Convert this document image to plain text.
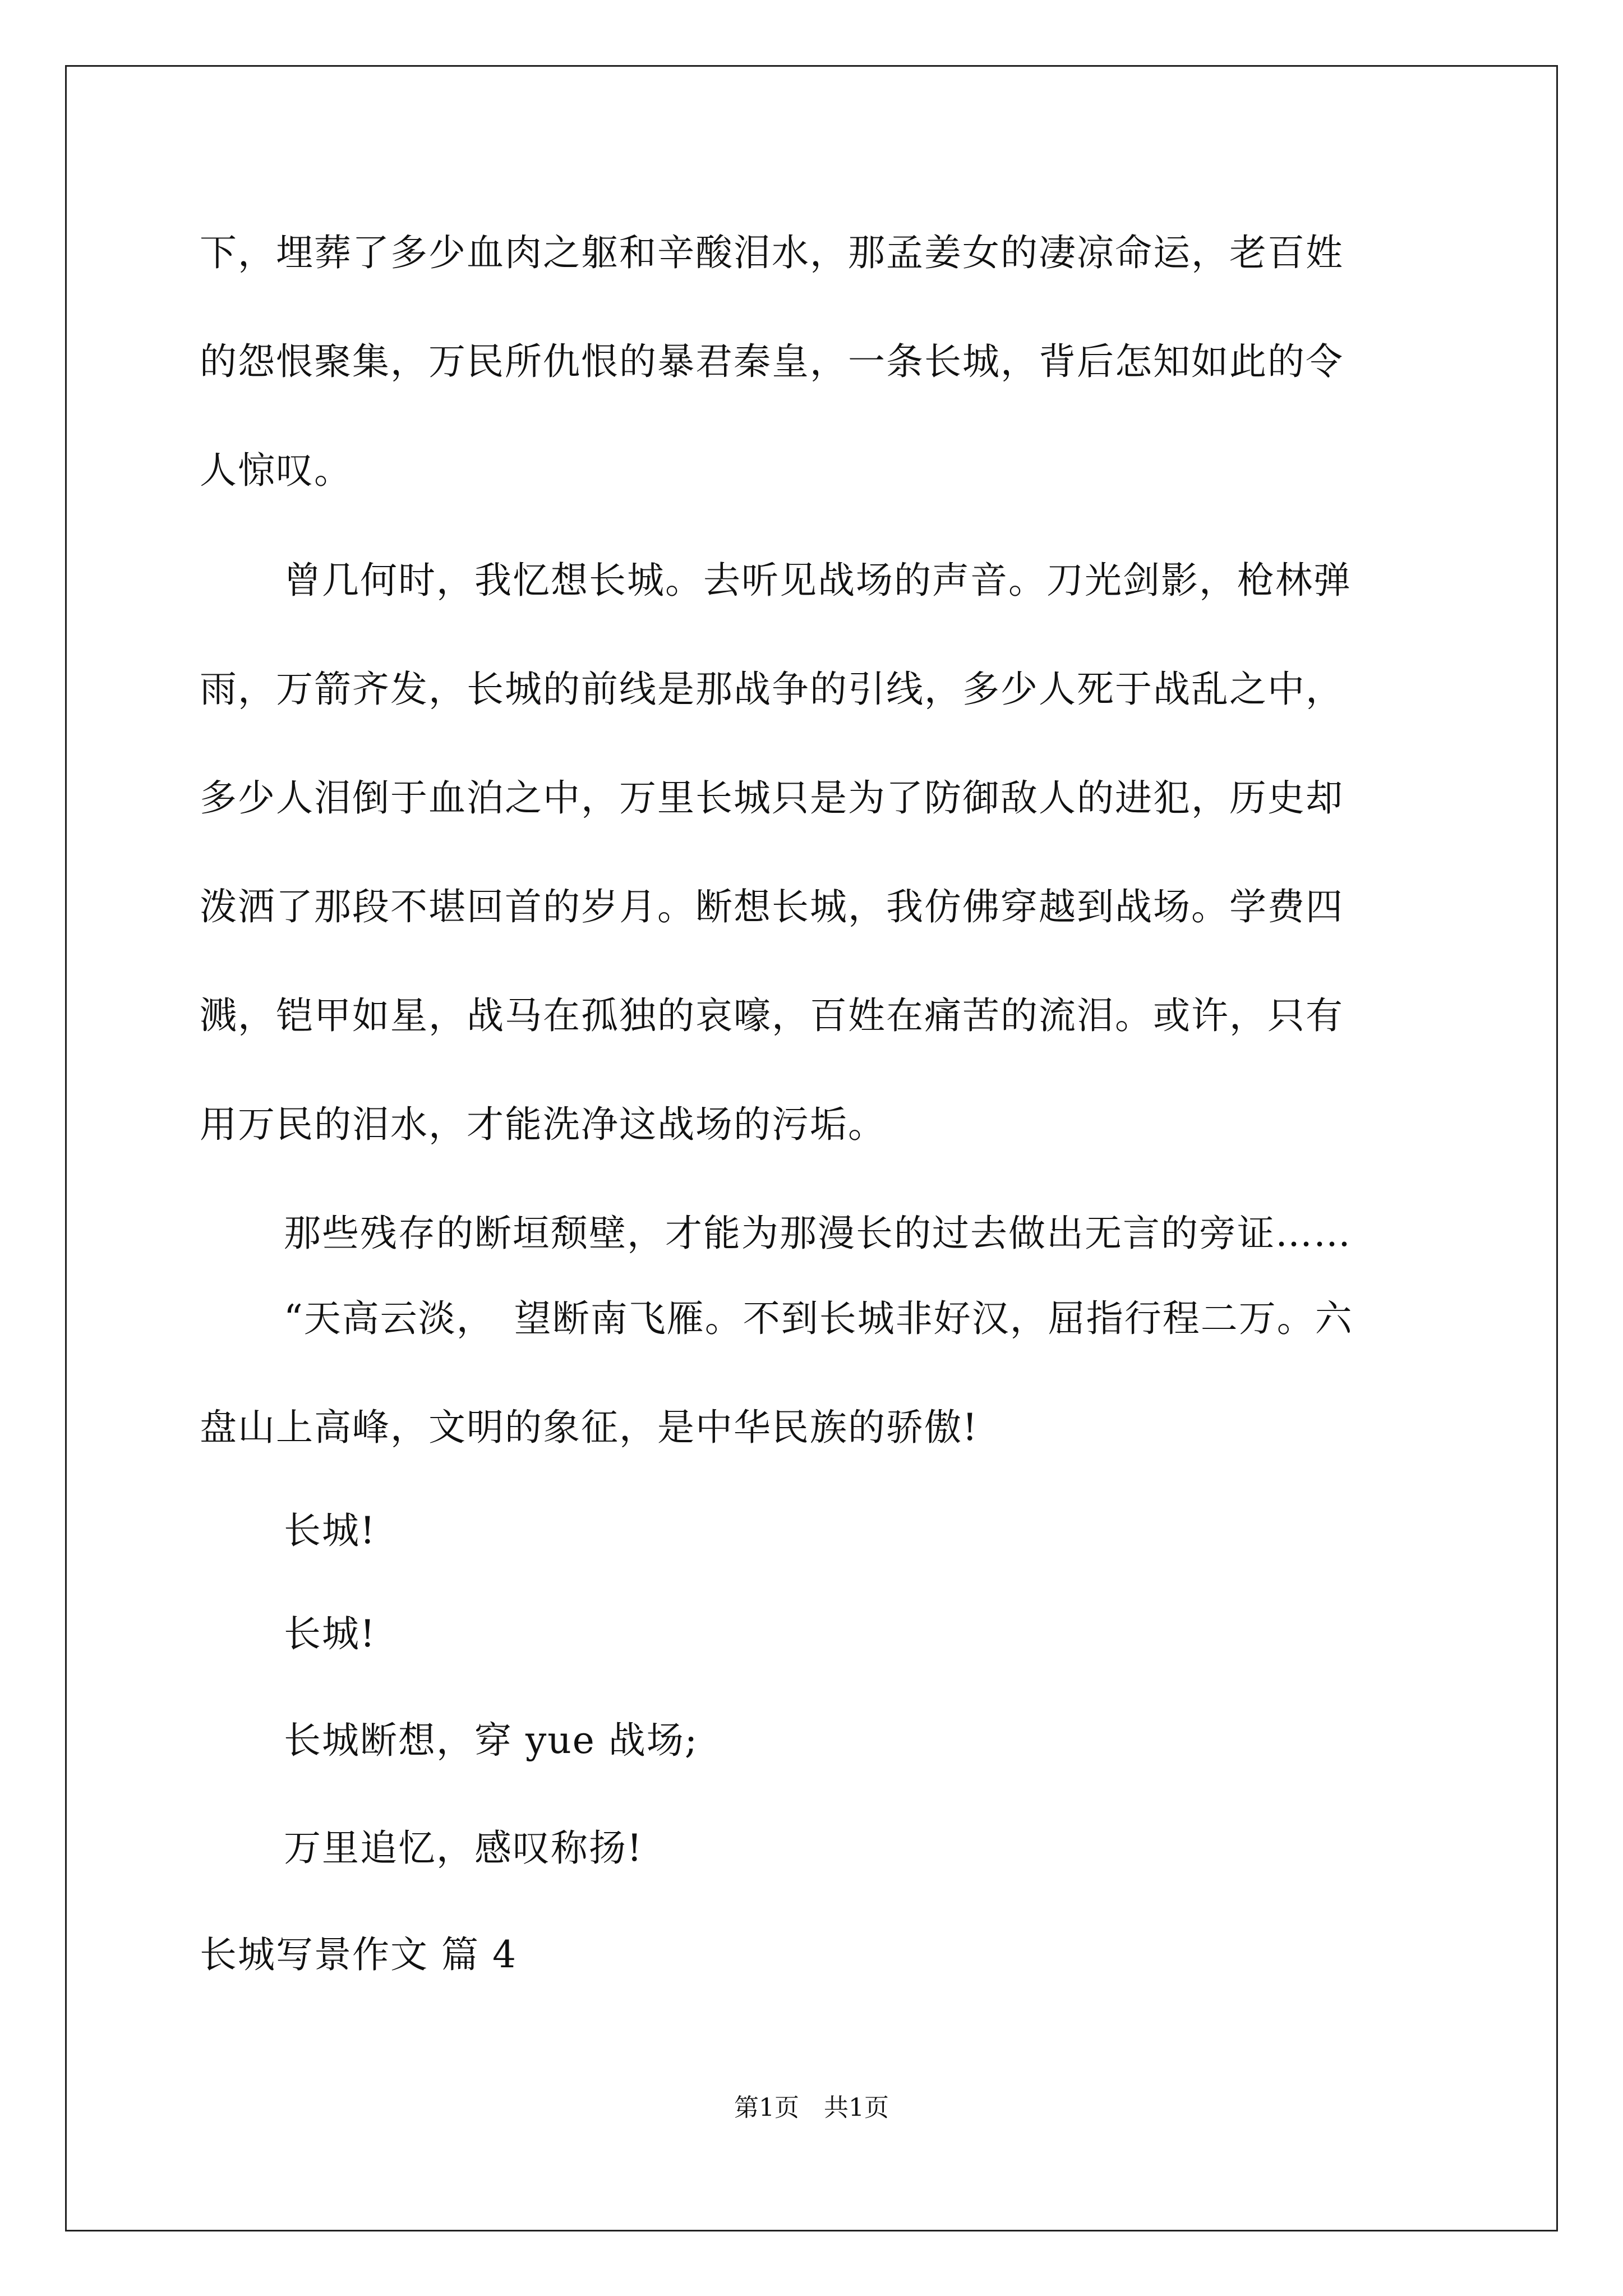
下，埋葬了多少血肉之躯和辛酸泪水，那孟姜女的凄凉命运，老百姓
的怨恨聚集，万民所仇恨的暴君秦皇，一条长城，背后怎知如此的令
人惊叹。
曾几何时，我忆想长城。去听见战场的声音。刀光剑影，枪林弹
雨，万箭齐发，长城的前线是那战争的引线，多少人死于战乱之中，
多少人泪倒于血泊之中，万里长城只是为了防御敌人的进犯，历史却
泼洒了那段不堪回首的岁月。断想长城，我仿佛穿越到战场。学费四
溅，铠甲如星，战马在孤独的哀嚎，百姓在痛苦的流泪。或许，只有
用万民的泪水，才能洗净这战场的污垢。
那些残存的断垣颓壁，才能为那漫长的过去做出无言的旁证……
“天高云淡，　望断南飞雁。不到长城非好汉，屈指行程二万。六
盘山上高峰，文明的象征，是中华民族的骄傲!
长城!
长城!
长城断想，穿 yue 战场;
万里追忆，感叹称扬!
长城写景作文 篇 4
第1页　共1页
